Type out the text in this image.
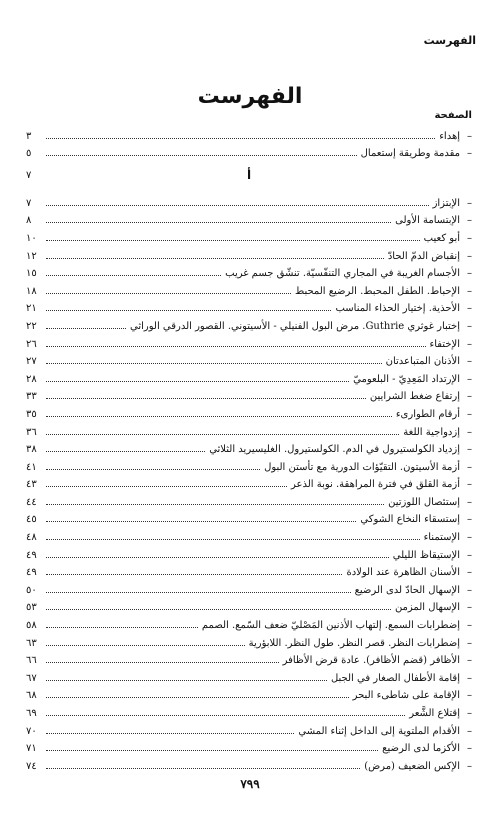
الفهرست
الفهرست
الصفحة
–
إهداء
٣
–
مقدمة وطريقة إستعمال
٥
أ
٧
–
الإبتزاز
٧
–
الإبتسامة الأولى
٨
–
أبو كعيب
١٠
–
إنقباض الدمّ الحادّ
١٢
–
الأجسام الغريبة في المجاري التنفّسيّة. تنشّق جسم غريب
١٥
–
الإحباط. الطفل المحبط. الرضيع المحبط
١٨
–
الأحذية. إختيار الحذاء المناسب
٢١
–
إختبار غوثري Guthrie. مرض البول الفنيلي - الأسيتوني. القصور الدرقي الوراثي
٢٢
–
الإختفاء
٢٦
–
الأذنان المتباعدتان
٢٧
–
الإرتداد المَعِدِيّ - البلعوميّ
٢٨
–
إرتفاع ضغط الشرايين
٣٣
–
أرقام الطوارىء
٣٥
–
إزدواجية اللغة
٣٦
–
إزدياد الكولستيرول في الدم. الكولستيرول. الغليسيريد الثلاثي
٣٨
–
أزمة الأسيتون. التقيّؤات الدورية مع تأستن البول
٤١
–
أزمة القلق في فترة المراهقة. نوبة الذعر
٤٣
–
إستئصال اللوزتين
٤٤
–
إستسقاء النخاع الشوكي
٤٥
–
الإستمناء
٤٨
–
الإستيقاظ الليلي
٤٩
–
الأسنان الظاهرة عند الولادة
٤٩
–
الإسهال الحادّ لدى الرضيع
٥٠
–
الإسهال المزمن
٥٣
–
إضطرابات السمع. إلتهاب الأذنين المَصْليّ ضعف السّمع. الصمم
٥٨
–
إضطرابات النظر. قصر النظر. طول النظر. اللابؤرية
٦٣
–
الأظافر (قضم الأظافر). عادة قرض الأظافر
٦٦
–
إقامة الأطفال الصغار في الجبل
٦٧
–
الإقامة على شاطىء البحر
٦٨
–
إقتلاع الشَّعر
٦٩
–
الأقدام الملتوية إلى الداخل إثناء المشي
٧٠
–
الأكزما لدى الرضيع
٧١
–
الإكس الضعيف (مرض)
٧٤
٧٩٩
